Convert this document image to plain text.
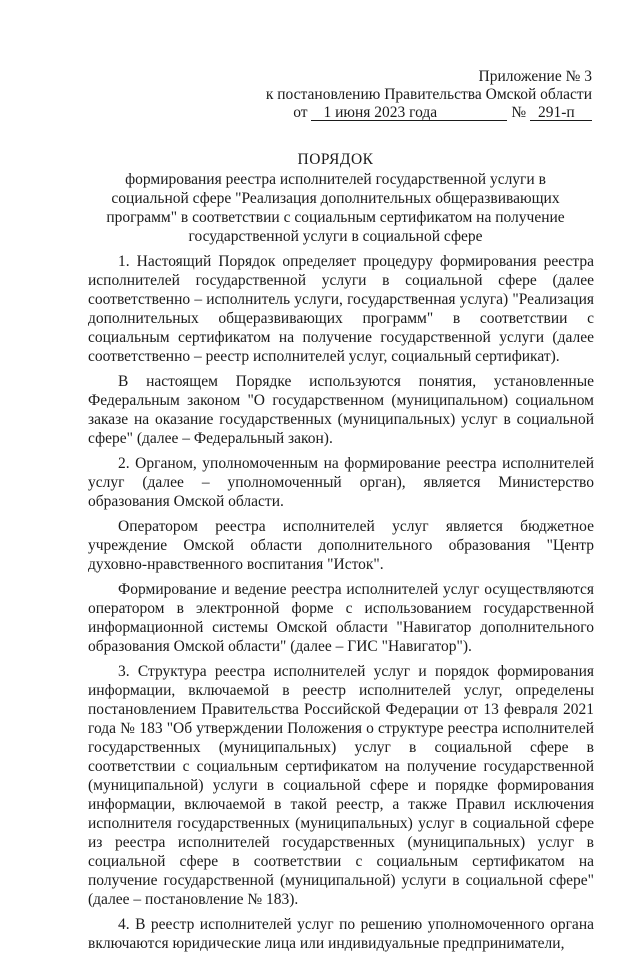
Приложение № 3
к постановлению Правительства Омской области
от 1 июня 2023 года	№ 291-п
ПОРЯДОК
формирования реестра исполнителей государственной услуги в социальной сфере "Реализация дополнительных общеразвивающих программ" в соответствии с социальным сертификатом на получение государственной услуги в социальной сфере

1. Настоящий Порядок определяет процедуру формирования реестра исполнителей государственной услуги в социальной сфере (далее соответственно – исполнитель услуги, государственная услуга) "Реализация дополнительных общеразвивающих программ" в соответствии с социальным сертификатом на получение государственной услуги (далее соответственно – реестр исполнителей услуг, социальный сертификат).

В настоящем Порядке используются понятия, установленные Федеральным законом "О государственном (муниципальном) социальном заказе на оказание государственных (муниципальных) услуг в социальной сфере" (далее – Федеральный закон).

2. Органом, уполномоченным на формирование реестра исполнителей услуг (далее – уполномоченный орган), является Министерство образования Омской области.

Оператором реестра исполнителей услуг является бюджетное учреждение Омской области дополнительного образования "Центр духовно-нравственного воспитания "Исток".

Формирование и ведение реестра исполнителей услуг осуществляются оператором в электронной форме с использованием государственной информационной системы Омской области "Навигатор дополнительного образования Омской области" (далее – ГИС "Навигатор").

3. Структура реестра исполнителей услуг и порядок формирования информации, включаемой в реестр исполнителей услуг, определены постановлением Правительства Российской Федерации от 13 февраля 2021 года № 183 "Об утверждении Положения о структуре реестра исполнителей государственных (муниципальных) услуг в социальной сфере в соответствии с социальным сертификатом на получение государственной (муниципальной) услуги в социальной сфере и порядке формирования информации, включаемой в такой реестр, а также Правил исключения исполнителя государственных (муниципальных) услуг в социальной сфере из реестра исполнителей государственных (муниципальных) услуг в социальной сфере в соответствии с социальным сертификатом на получение государственной (муниципальной) услуги в социальной сфере" (далее – постановление № 183).

4. В реестр исполнителей услуг по решению уполномоченного органа включаются юридические лица или индивидуальные предприниматели,
